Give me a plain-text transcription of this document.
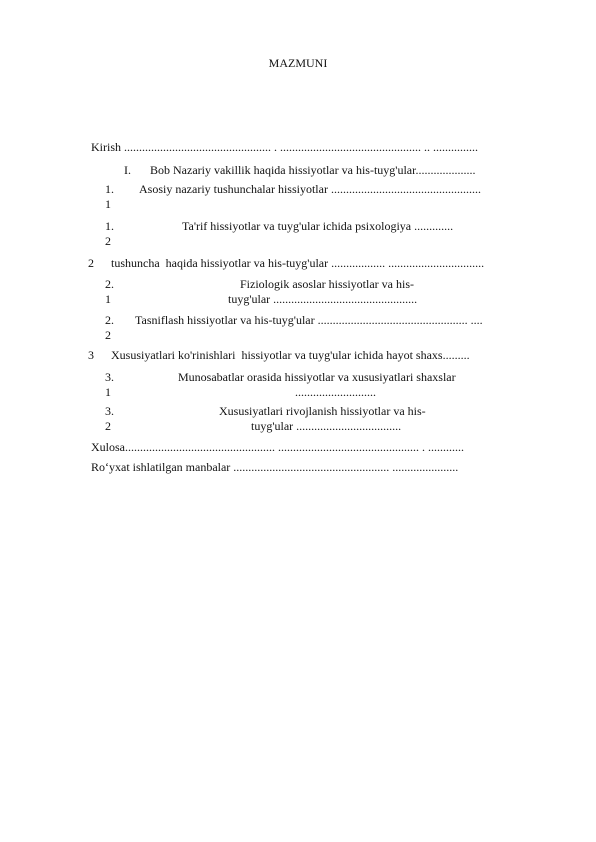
MAZMUNI
Kirish ................................................. . ............................................... .. ...............
I. Bob Nazariy vakillik haqida hissiyotlar va his-tuyg'ular....................
1.
1
Asosiy nazariy tushunchalar hissiyotlar ..................................................
1.
2
Ta'rif hissiyotlar va tuyg'ular ichida psixologiya .............
2 tushuncha  haqida hissiyotlar va his-tuyg'ular .................. ................................
2.
1
Fiziologik asoslar hissiyotlar va his-
tuyg'ular ................................................
2.
2
Tasniflash hissiyotlar va his-tuyg'ular .................................................. ....
3 Xususiyatlari ko'rinishlari  hissiyotlar va tuyg'ular ichida hayot shaxs.........
3.
1
Munosabatlar orasida hissiyotlar va xususiyatlari shaxslar
...........................
3.
2
Xususiyatlari rivojlanish hissiyotlar va his-
tuyg'ular ...................................
Xulosa.................................................. ............................................... . ............
Ro‘yxat ishlatilgan manbalar .................................................... ......................
